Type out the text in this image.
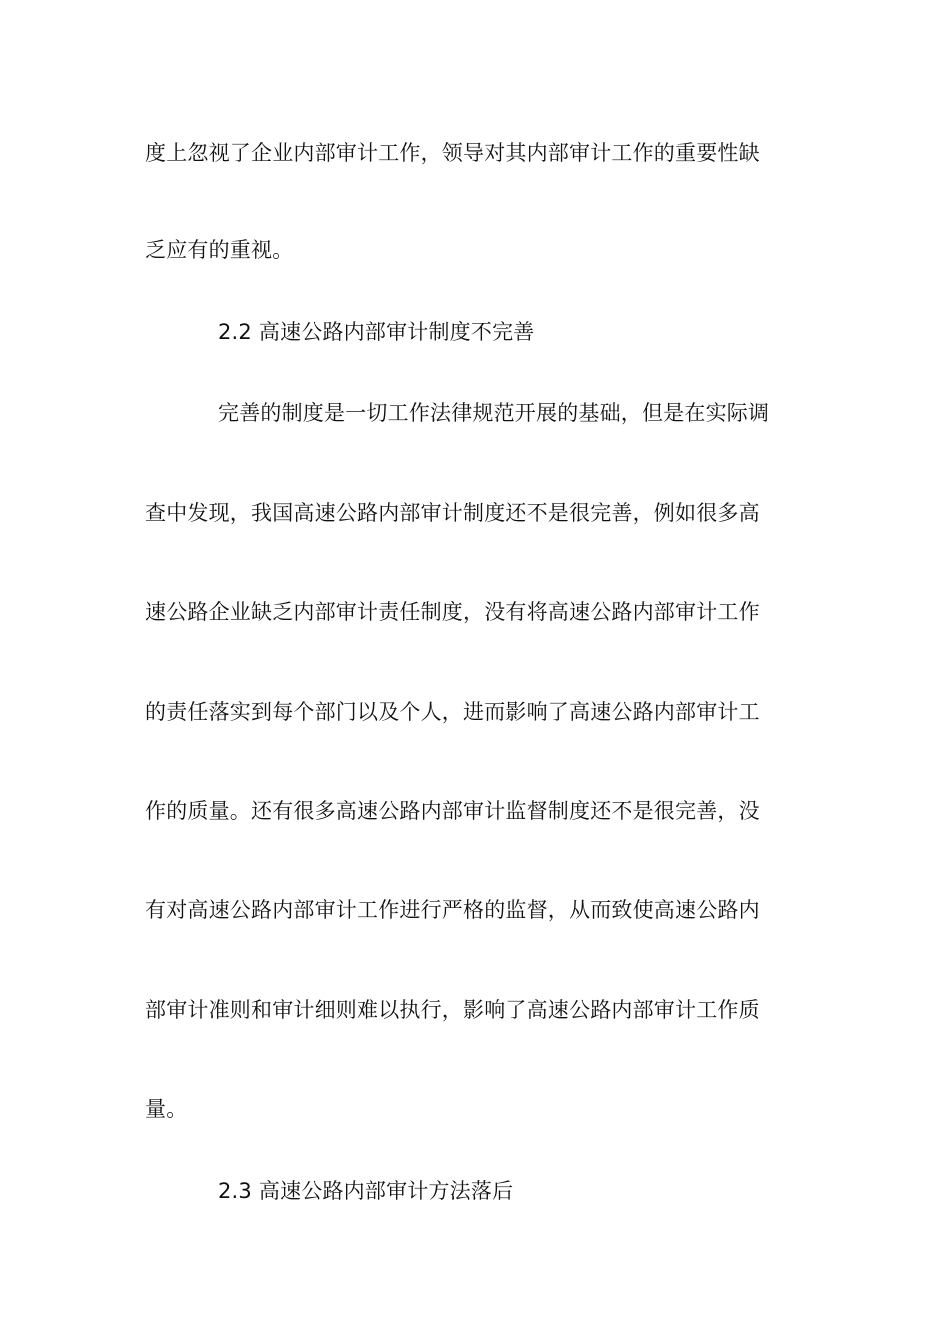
度上忽视了企业内部审计工作，领导对其内部审计工作的重要性缺
乏应有的重视。
2.2 高速公路内部审计制度不完善
完善的制度是一切工作法律规范开展的基础，但是在实际调
查中发现，我国高速公路内部审计制度还不是很完善，例如很多高
速公路企业缺乏内部审计责任制度，没有将高速公路内部审计工作
的责任落实到每个部门以及个人，进而影响了高速公路内部审计工
作的质量。还有很多高速公路内部审计监督制度还不是很完善，没
有对高速公路内部审计工作进行严格的监督，从而致使高速公路内
部审计准则和审计细则难以执行，影响了高速公路内部审计工作质
量。
2.3 高速公路内部审计方法落后
